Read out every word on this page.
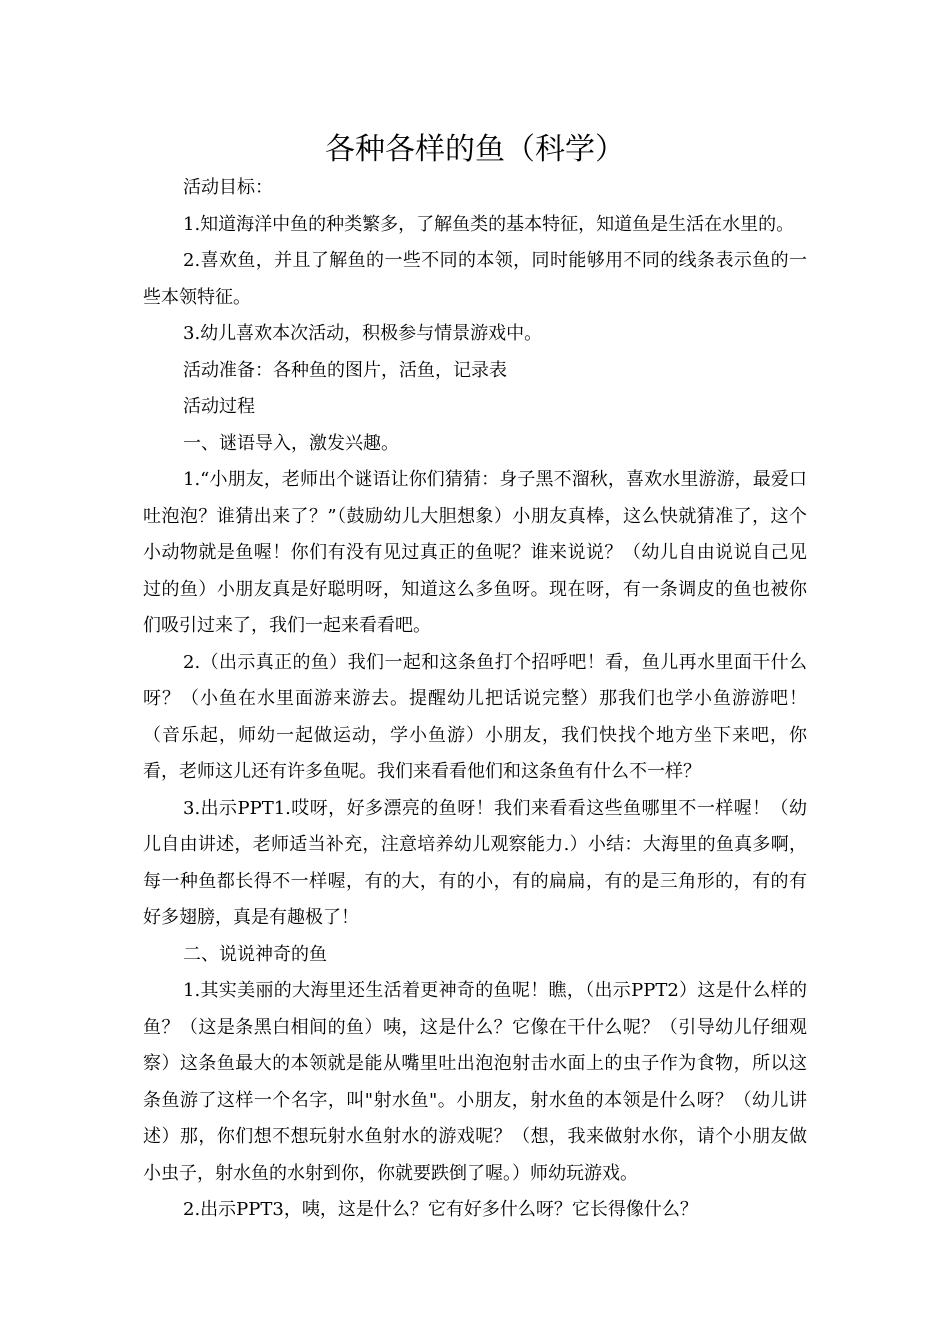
各种各样的鱼（科学）

活动目标：

1.知道海洋中鱼的种类繁多，了解鱼类的基本特征，知道鱼是生活在水里的。

2.喜欢鱼，并且了解鱼的一些不同的本领，同时能够用不同的线条表示鱼的一些本领特征。

3.幼儿喜欢本次活动，积极参与情景游戏中。

活动准备：各种鱼的图片，活鱼，记录表

活动过程

一、谜语导入，激发兴趣。

1.“小朋友，老师出个谜语让你们猜猜：身子黑不溜秋，喜欢水里游游，最爱口吐泡泡？谁猜出来了？”（鼓励幼儿大胆想象）小朋友真棒，这么快就猜准了，这个小动物就是鱼喔！你们有没有见过真正的鱼呢？谁来说说？（幼儿自由说说自己见过的鱼）小朋友真是好聪明呀，知道这么多鱼呀。现在呀，有一条调皮的鱼也被你们吸引过来了，我们一起来看看吧。

2.（出示真正的鱼）我们一起和这条鱼打个招呼吧！看，鱼儿再水里面干什么呀？（小鱼在水里面游来游去。提醒幼儿把话说完整）那我们也学小鱼游游吧！（音乐起，师幼一起做运动，学小鱼游）小朋友，我们快找个地方坐下来吧，你看，老师这儿还有许多鱼呢。我们来看看他们和这条鱼有什么不一样？

3.出示PPT1.哎呀，好多漂亮的鱼呀！我们来看看这些鱼哪里不一样喔！（幼儿自由讲述，老师适当补充，注意培养幼儿观察能力.）小结：大海里的鱼真多啊，每一种鱼都长得不一样喔，有的大，有的小，有的扁扁，有的是三角形的，有的有好多翅膀，真是有趣极了！

二、说说神奇的鱼

1.其实美丽的大海里还生活着更神奇的鱼呢！瞧，（出示PPT2）这是什么样的鱼？（这是条黑白相间的鱼）咦，这是什么？它像在干什么呢？（引导幼儿仔细观察）这条鱼最大的本领就是能从嘴里吐出泡泡射击水面上的虫子作为食物，所以这条鱼游了这样一个名字，叫"射水鱼"。小朋友，射水鱼的本领是什么呀？（幼儿讲述）那，你们想不想玩射水鱼射水的游戏呢？（想，我来做射水你，请个小朋友做小虫子，射水鱼的水射到你，你就要跌倒了喔。）师幼玩游戏。

2.出示PPT3，咦，这是什么？它有好多什么呀？它长得像什么？
